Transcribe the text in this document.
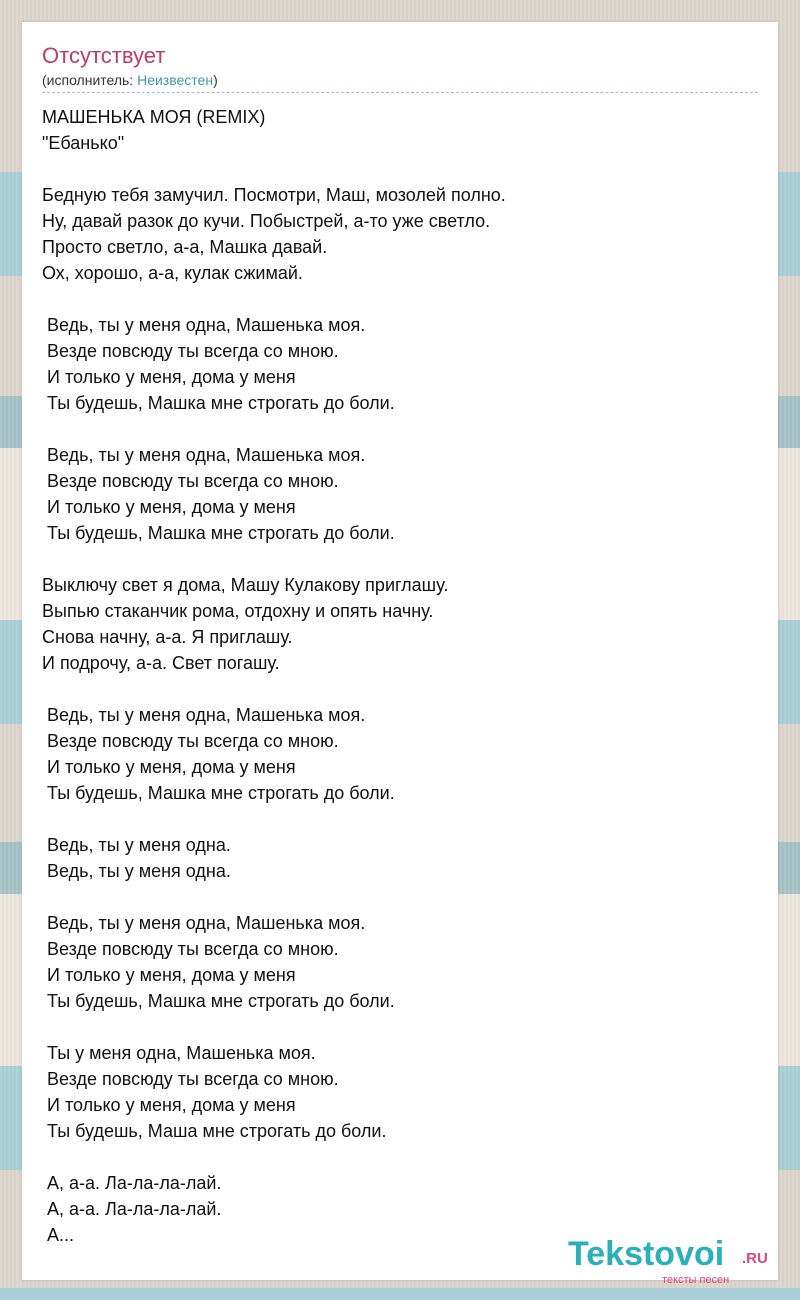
Отсутствует
(исполнитель: Неизвестен)
МАШЕНЬКА МОЯ (REMIX)
"Ебанько"
Бедную тебя замучил. Посмотри, Маш, мозолей полно.
Ну, давай разок до кучи. Побыстрей, а-то уже светло.
Просто светло, а-а, Машка давай.
Ох, хорошо, а-а, кулак сжимай.
Ведь, ты у меня одна, Машенька моя.
Везде повсюду ты всегда со мною.
И только у меня, дома у меня
Ты будешь, Машка мне строгать до боли.
Ведь, ты у меня одна, Машенька моя.
Везде повсюду ты всегда со мною.
И только у меня, дома у меня
Ты будешь, Машка мне строгать до боли.
Выключу свет я дома, Машу Кулакову приглашу.
Выпью стаканчик рома, отдохну и опять начну.
Снова начну, а-а. Я приглашу.
И подрочу, а-а. Свет погашу.
Ведь, ты у меня одна, Машенька моя.
Везде повсюду ты всегда со мною.
И только у меня, дома у меня
Ты будешь, Машка мне строгать до боли.
Ведь, ты у меня одна.
Ведь, ты у меня одна.
Ведь, ты у меня одна, Машенька моя.
Везде повсюду ты всегда со мною.
И только у меня, дома у меня
Ты будешь, Машка мне строгать до боли.
Ты у меня одна, Машенька моя.
Везде повсюду ты всегда со мною.
И только у меня, дома у меня
Ты будешь, Маша мне строгать до боли.
А, а-а. Ла-ла-ла-лай.
А, а-а. Ла-ла-ла-лай.
А...	Tekstovoi .RU
тексты песен
